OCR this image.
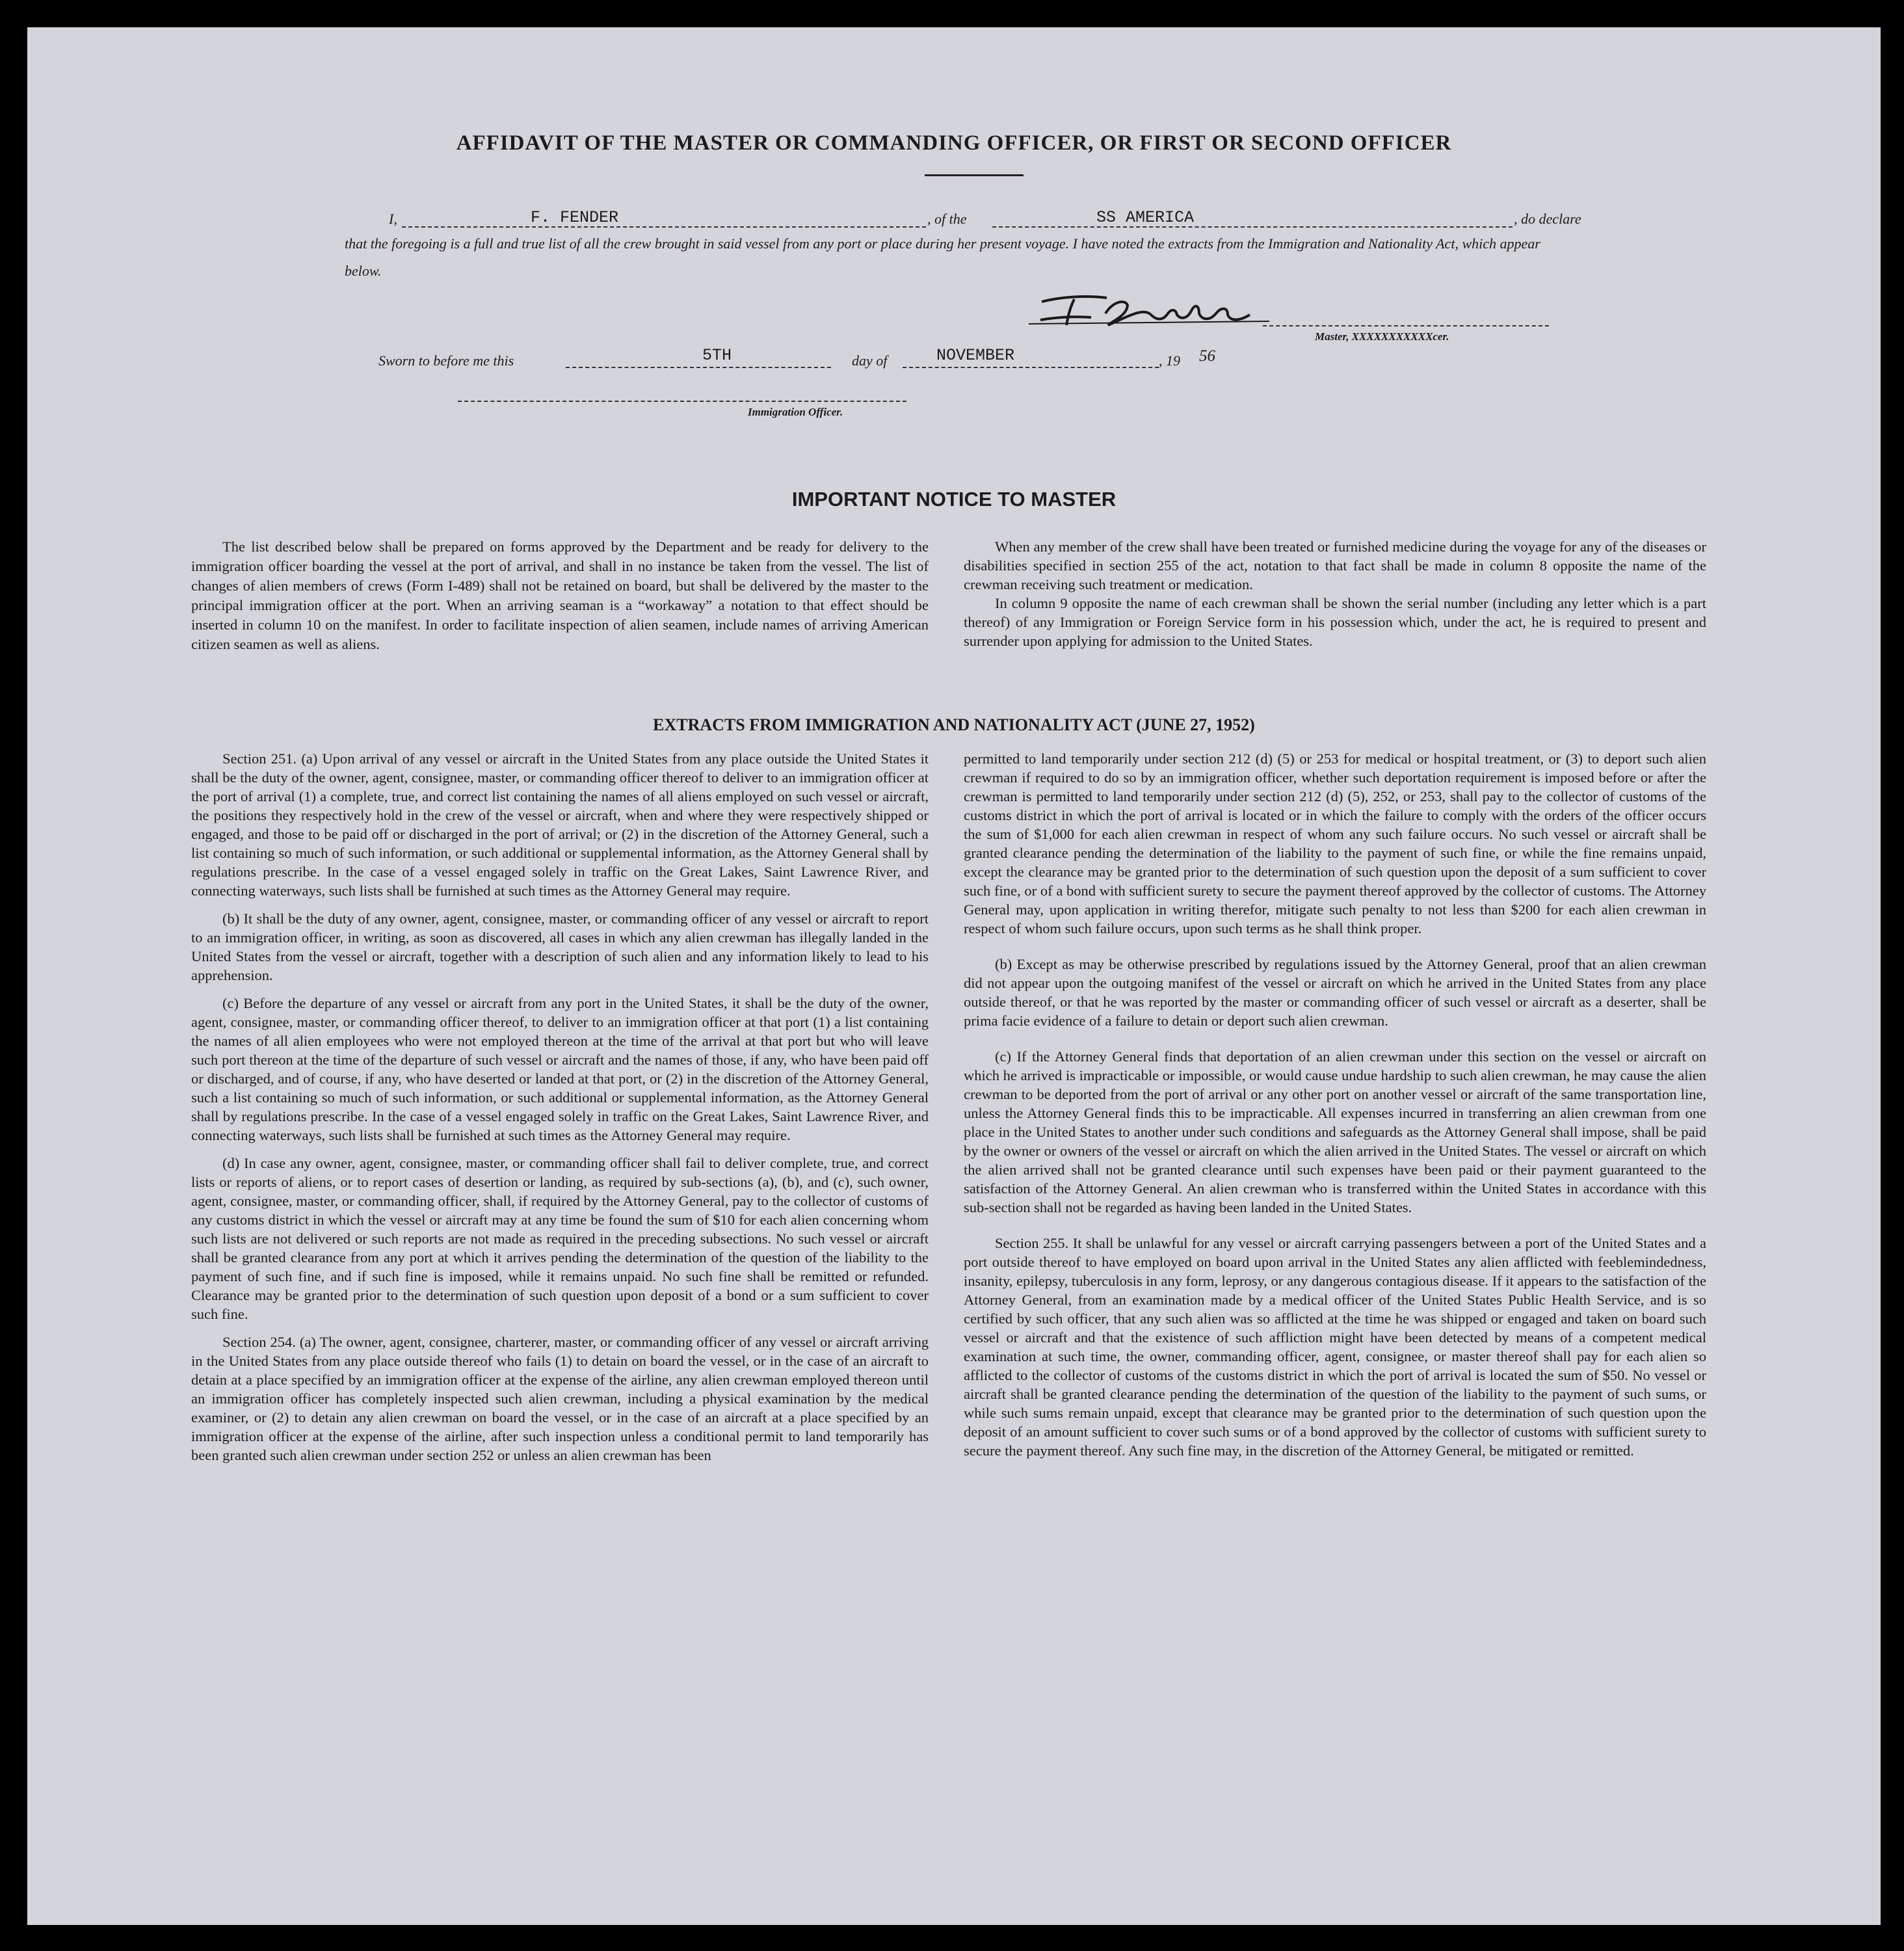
AFFIDAVIT OF THE MASTER OR COMMANDING OFFICER, OR FIRST OR SECOND OFFICER
I,	F. FENDER	, of the	SS AMERICA	, do declare
that the foregoing is a full and true list of all the crew brought in said vessel from any port or place during her present voyage. I have noted the extracts from the Immigration and Nationality Act, which appear below.
Master, XXXXXXXXXXXcer.
Sworn to before me this	5TH	day of	NOVEMBER	, 19 56
Immigration Officer.
IMPORTANT NOTICE TO MASTER

The list described below shall be prepared on forms approved by the Department and be ready for delivery to the immigration officer boarding the vessel at the port of arrival, and shall in no instance be taken from the vessel. The list of changes of alien members of crews (Form I-489) shall not be retained on board, but shall be delivered by the master to the principal immigration officer at the port. When an arriving seaman is a “workaway” a notation to that effect should be inserted in column 10 on the manifest. In order to facilitate inspection of alien seamen, include names of arriving American citizen seamen as well as aliens.

When any member of the crew shall have been treated or furnished medicine during the voyage for any of the diseases or disabilities specified in section 255 of the act, notation to that fact shall be made in column 8 opposite the name of the crewman receiving such treatment or medication.

In column 9 opposite the name of each crewman shall be shown the serial number (including any letter which is a part thereof) of any Immigration or Foreign Service form in his possession which, under the act, he is required to present and surrender upon applying for admission to the United States.

EXTRACTS FROM IMMIGRATION AND NATIONALITY ACT (JUNE 27, 1952)

Section 251. (a) Upon arrival of any vessel or aircraft in the United States from any place outside the United States it shall be the duty of the owner, agent, consignee, master, or commanding officer thereof to deliver to an immigration officer at the port of arrival (1) a complete, true, and correct list containing the names of all aliens employed on such vessel or aircraft, the positions they respectively hold in the crew of the vessel or aircraft, when and where they were respectively shipped or engaged, and those to be paid off or discharged in the port of arrival; or (2) in the discretion of the Attorney General, such a list containing so much of such information, or such additional or supplemental information, as the Attorney General shall by regulations prescribe. In the case of a vessel engaged solely in traffic on the Great Lakes, Saint Lawrence River, and connecting waterways, such lists shall be furnished at such times as the Attorney General may require.

(b) It shall be the duty of any owner, agent, consignee, master, or commanding officer of any vessel or aircraft to report to an immigration officer, in writing, as soon as discovered, all cases in which any alien crewman has illegally landed in the United States from the vessel or aircraft, together with a description of such alien and any information likely to lead to his apprehension.

(c) Before the departure of any vessel or aircraft from any port in the United States, it shall be the duty of the owner, agent, consignee, master, or commanding officer thereof, to deliver to an immigration officer at that port (1) a list containing the names of all alien employees who were not employed thereon at the time of the arrival at that port but who will leave such port thereon at the time of the departure of such vessel or aircraft and the names of those, if any, who have been paid off or discharged, and of course, if any, who have deserted or landed at that port, or (2) in the discretion of the Attorney General, such a list containing so much of such information, or such additional or supplemental information, as the Attorney General shall by regulations prescribe. In the case of a vessel engaged solely in traffic on the Great Lakes, Saint Lawrence River, and connecting waterways, such lists shall be furnished at such times as the Attorney General may require.

(d) In case any owner, agent, consignee, master, or commanding officer shall fail to deliver complete, true, and correct lists or reports of aliens, or to report cases of desertion or landing, as required by sub-sections (a), (b), and (c), such owner, agent, consignee, master, or commanding officer, shall, if required by the Attorney General, pay to the collector of customs of any customs district in which the vessel or aircraft may at any time be found the sum of $10 for each alien concerning whom such lists are not delivered or such reports are not made as required in the preceding subsections. No such vessel or aircraft shall be granted clearance from any port at which it arrives pending the determination of the question of the liability to the payment of such fine, and if such fine is imposed, while it remains unpaid. No such fine shall be remitted or refunded. Clearance may be granted prior to the determination of such question upon deposit of a bond or a sum sufficient to cover such fine.

Section 254. (a) The owner, agent, consignee, charterer, master, or commanding officer of any vessel or aircraft arriving in the United States from any place outside thereof who fails (1) to detain on board the vessel, or in the case of an aircraft to detain at a place specified by an immigration officer at the expense of the airline, any alien crewman employed thereon until an immigration officer has completely inspected such alien crewman, including a physical examination by the medical examiner, or (2) to detain any alien crewman on board the vessel, or in the case of an aircraft at a place specified by an immigration officer at the expense of the airline, after such inspection unless a conditional permit to land temporarily has been granted such alien crewman under section 252 or unless an alien crewman has been

permitted to land temporarily under section 212 (d) (5) or 253 for medical or hospital treatment, or (3) to deport such alien crewman if required to do so by an immigration officer, whether such deportation requirement is imposed before or after the crewman is permitted to land temporarily under section 212 (d) (5), 252, or 253, shall pay to the collector of customs of the customs district in which the port of arrival is located or in which the failure to comply with the orders of the officer occurs the sum of $1,000 for each alien crewman in respect of whom any such failure occurs. No such vessel or aircraft shall be granted clearance pending the determination of the liability to the payment of such fine, or while the fine remains unpaid, except the clearance may be granted prior to the determination of such question upon the deposit of a sum sufficient to cover such fine, or of a bond with sufficient surety to secure the payment thereof approved by the collector of customs. The Attorney General may, upon application in writing therefor, mitigate such penalty to not less than $200 for each alien crewman in respect of whom such failure occurs, upon such terms as he shall think proper.

(b) Except as may be otherwise prescribed by regulations issued by the Attorney General, proof that an alien crewman did not appear upon the outgoing manifest of the vessel or aircraft on which he arrived in the United States from any place outside thereof, or that he was reported by the master or commanding officer of such vessel or aircraft as a deserter, shall be prima facie evidence of a failure to detain or deport such alien crewman.

(c) If the Attorney General finds that deportation of an alien crewman under this section on the vessel or aircraft on which he arrived is impracticable or impossible, or would cause undue hardship to such alien crewman, he may cause the alien crewman to be deported from the port of arrival or any other port on another vessel or aircraft of the same transportation line, unless the Attorney General finds this to be impracticable. All expenses incurred in transferring an alien crewman from one place in the United States to another under such conditions and safeguards as the Attorney General shall impose, shall be paid by the owner or owners of the vessel or aircraft on which the alien arrived in the United States. The vessel or aircraft on which the alien arrived shall not be granted clearance until such expenses have been paid or their payment guaranteed to the satisfaction of the Attorney General. An alien crewman who is transferred within the United States in accordance with this sub-section shall not be regarded as having been landed in the United States.

Section 255. It shall be unlawful for any vessel or aircraft carrying passengers between a port of the United States and a port outside thereof to have employed on board upon arrival in the United States any alien afflicted with feeblemindedness, insanity, epilepsy, tuberculosis in any form, leprosy, or any dangerous contagious disease. If it appears to the satisfaction of the Attorney General, from an examination made by a medical officer of the United States Public Health Service, and is so certified by such officer, that any such alien was so afflicted at the time he was shipped or engaged and taken on board such vessel or aircraft and that the existence of such affliction might have been detected by means of a competent medical examination at such time, the owner, commanding officer, agent, consignee, or master thereof shall pay for each alien so afflicted to the collector of customs of the customs district in which the port of arrival is located the sum of $50. No vessel or aircraft shall be granted clearance pending the determination of the question of the liability to the payment of such sums, or while such sums remain unpaid, except that clearance may be granted prior to the determination of such question upon the deposit of an amount sufficient to cover such sums or of a bond approved by the collector of customs with sufficient surety to secure the payment thereof. Any such fine may, in the discretion of the Attorney General, be mitigated or remitted.
